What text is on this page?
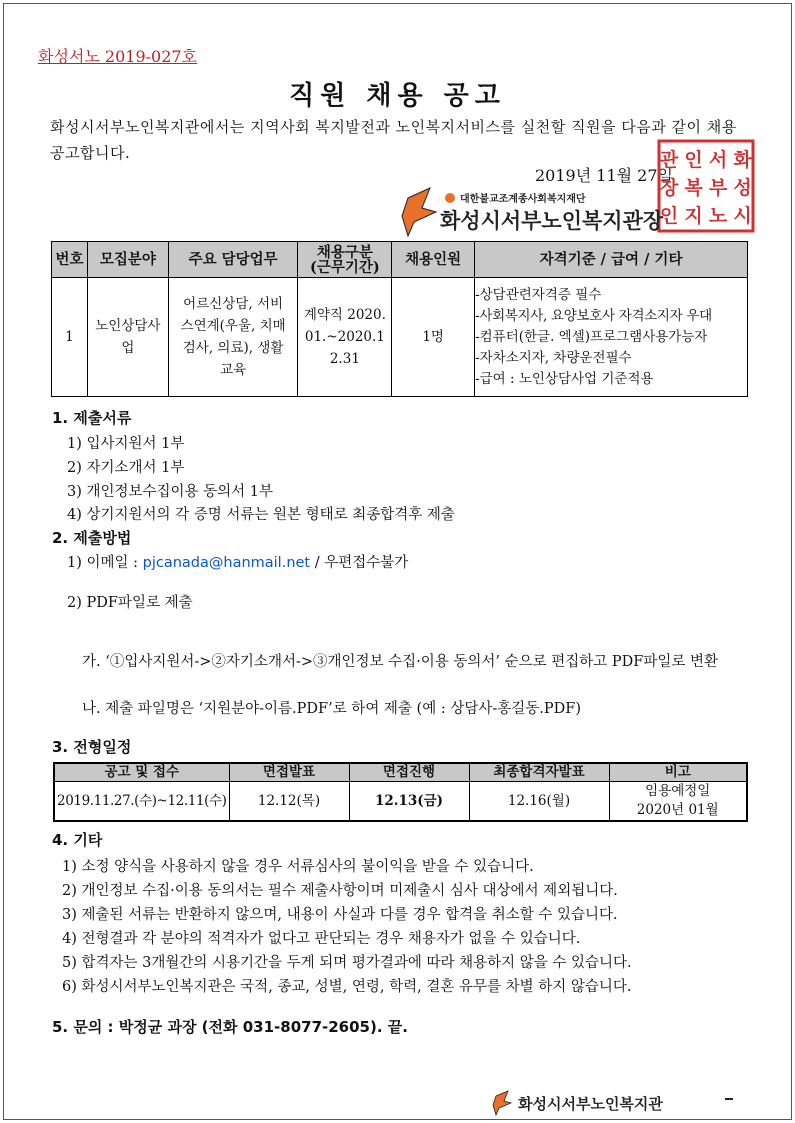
화성서노 2019-027호
직원 채용 공고
화성시서부노인복지관에서는 지역사회 복지발전과 노인복지서비스를 실천할 직원을 다음과 같이 채용 공고합니다.
2019년 11월 27일
화
성
시
서
부
노
인
복
지
관
장
인
대한불교조계종사회복지재단
화성시서부노인복지관장
번호	모집분야	주요 담당업무	채용구분 (근무기간)	채용인원	자격기준 / 급여 / 기타
1	노인상담사업	어르신상담, 서비스연계(우울, 치매검사, 의료), 생활교육	계약직 2020.01.~2020.12.31	1명	-상담관련자격증 필수
-사회복지사, 요양보호사 자격소지자 우대
-컴퓨터(한글. 엑셀)프로그램사용가능자
-자차소지자, 차량운전필수
-급여 : 노인상담사업 기준적용
1. 제출서류
1) 입사지원서 1부
2) 자기소개서 1부
3) 개인정보수집이용 동의서 1부
4) 상기지원서의 각 증명 서류는 원본 형태로 최종합격후 제출
2. 제출방법
1) 이메일 : pjcanada@hanmail.net / 우편접수불가
2) PDF파일로 제출
가. ‘①입사지원서->②자기소개서->③개인정보 수집·이용 동의서’ 순으로 편집하고 PDF파일로 변환
나. 제출 파일명은 ‘지원분야-이름.PDF’로 하여 제출 (예 : 상담사-홍길동.PDF)
3. 전형일정
공고 및 접수	면접발표	면접진행	최종합격자발표	비고
2019.11.27.(수)~12.11(수)	12.12(목)	12.13(금)	12.16(월)	임용예정일 2020년 01월
4. 기타
1) 소정 양식을 사용하지 않을 경우 서류심사의 불이익을 받을 수 있습니다.
2) 개인정보 수집·이용 동의서는 필수 제출사항이며 미제출시 심사 대상에서 제외됩니다.
3) 제출된 서류는 반환하지 않으며, 내용이 사실과 다를 경우 합격을 취소할 수 있습니다.
4) 전형결과 각 분야의 적격자가 없다고 판단되는 경우 채용자가 없을 수 있습니다.
5) 합격자는 3개월간의 시용기간을 두게 되며 평가결과에 따라 채용하지 않을 수 있습니다.
6) 화성시서부노인복지관은 국적, 종교, 성별, 연령, 학력, 결혼 유무를 차별 하지 않습니다.
5. 문의 : 박정균 과장 (전화 031-8077-2605). 끝.
화성시서부노인복지관
